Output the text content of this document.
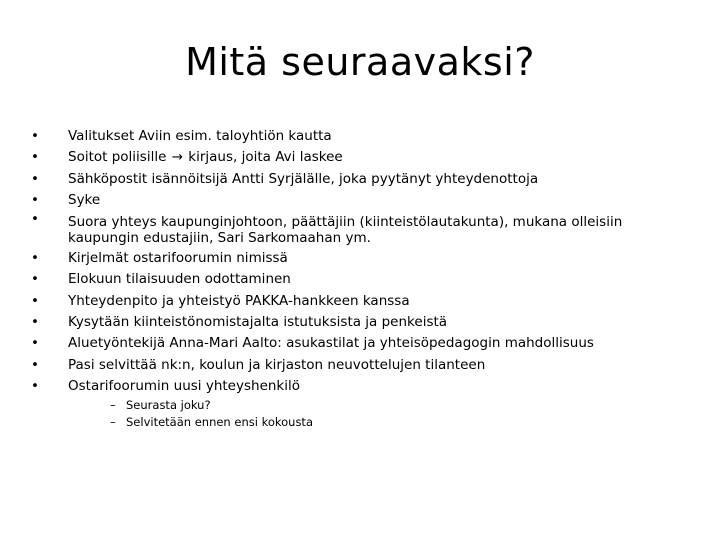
Mitä seuraavaksi?
• Valitukset Aviin esim. taloyhtiön kautta
• Soitot poliisille → kirjaus, joita Avi laskee
• Sähköpostit isännöitsijä Antti Syrjälälle, joka pyytänyt yhteydenottoja
• Syke
• Suora yhteys kaupunginjohtoon, päättäjiin (kiinteistölautakunta), mukana olleisiin kaupungin edustajiin, Sari Sarkomaahan ym.
• Kirjelmät ostarifoorumin nimissä
• Elokuun tilaisuuden odottaminen
• Yhteydenpito ja yhteistyö PAKKA-hankkeen kanssa
• Kysytään kiinteistönomistajalta istutuksista ja penkeistä
• Aluetyöntekijä Anna-Mari Aalto: asukastilat ja yhteisöpedagogin mahdollisuus
• Pasi selvittää nk:n, koulun ja kirjaston neuvottelujen tilanteen
• Ostarifoorumin uusi yhteyshenkilö
– Seurasta joku?
– Selvitetään ennen ensi kokousta
